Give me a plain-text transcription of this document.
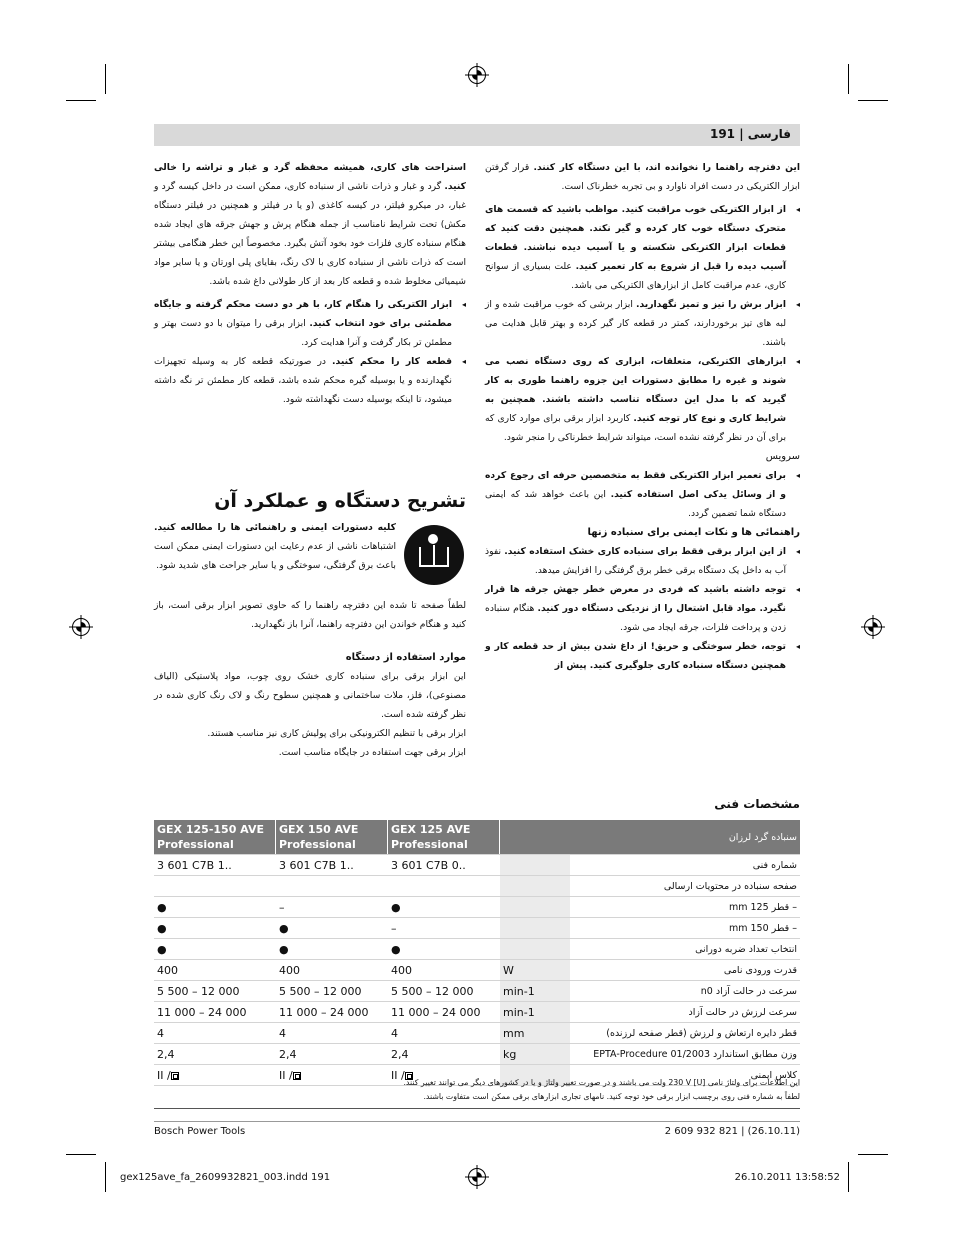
فارسی | 191

این دفترچه راهنما را نخوانده اند، با این دستگاه کار کنند. قرار گرفتن ابزار الکتریکی در دست افراد ناوارد و بی تجربه خطرناک است.

◂ از ابزار الکتریکی خوب مراقبت کنید. مواظب باشید که قسمت های متحرک دستگاه خوب کار کرده و گیر نکند. همچنین دقت کنید که قطعات ابزار الکتریکی شکسته و یا آسیب دیده نباشند. قطعات آسیب دیده را قبل از شروع به کار تعمیر کنید. علت بسیاری از سوانح کاری، عدم مراقبت کامل از ابزارهای الکتریکی می باشد.

◂ ابزار برش را تیز و تمیز نگهدارید. ابزار برشی که خوب مراقبت شده و از لبه های تیز برخوردارند، کمتر در قطعه کار گیر کرده و بهتر قابل هدایت می باشند.

◂ ابزارهای الکتریکی، متعلقات، ابزاری که روی دستگاه نصب می شوند و غیره را مطابق دستورات این جزوه راهنما طوری به کار گیرید که با مدل این دستگاه تناسب داشته باشند. همچنین به شرایط کاری و نوع کار توجه کنید. کاربرد ابزار برقی برای موارد کاری که برای آن در نظر گرفته نشده است، میتواند شرایط خطرناکی را منجر شود.

سرویس

◂ برای تعمیر ابزار الکتریکی فقط به متخصصین حرفه ای رجوع کرده و از وسائل یدکی اصل استفاده کنید. این باعث خواهد شد که ایمنی دستگاه شما تضمین گردد.

راهنمائی ها و نکات ایمنی برای سنباده زنها

◂ از این ابزار برقی فقط برای سنباده کاری خشک استفاده کنید. نفوذ آب به داخل یک دستگاه برقی خطر برق گرفتگی را افزایش میدهد.

◂ توجه داشته باشید که فردی در معرض خطر جهش جرقه ها قرار نگیرد. مواد قابل اشتعال را از نزدیکی دستگاه دور کنید. هنگام سنباده زدن و پرداخت فلزات، جرقه ایجاد می شود.

◂ توجه، خطر سوختگی و حریق! از داغ شدن بیش از حد قطعه کار و همچنین دستگاه سنباده کاری جلوگیری کنید. پیش از

استراحت های کاری، همیشه محفظه گرد و غبار و تراشه را خالی کنید. گرد و غبار و ذرات ناشی از سنباده کاری، ممکن است در داخل کیسه گرد و غبار، در میکرو فیلتر، در کیسه کاغذی (و یا در فیلتر و همچنین در فیلتر دستگاه مکش) تحت شرایط نامناسب از جمله هنگام پرش و جهش جرقه های ایجاد شده هنگام سنباده کاری فلزات خود بخود آتش بگیرد. مخصوصاً این خطر هنگامی بیشتر است که ذرات ناشی از سنباده کاری با لاک رنگ، بقایای پلی اورتان و یا سایر مواد شیمیائی مخلوط شده و قطعه کار بعد از کار طولانی داغ شده باشد.

◂ ابزار الکتریکی را هنگام کار، با هر دو دست محکم گرفته و جایگاه مطمئنی برای خود انتخاب کنید. ابزار برقی را میتوان با دو دست بهتر و مطمئن تر بکار گرفت و آنرا هدایت کرد.

◂ قطعه کار را محکم کنید. در صورتیکه قطعه کار به وسیله تجهیزات نگهدارنده و یا بوسیله گیره محکم شده باشد، قطعه کار مطمئن تر نگه داشته میشود، تا اینکه بوسیله دست نگهداشته شود.

تشریح دستگاه و عملکرد آن

کلیه دستورات ایمنی و راهنمائی ها را مطالعه کنید. اشتباهات ناشی از عدم رعایت این دستورات ایمنی ممکن است باعث برق گرفتگی، سوختگی و یا سایر جراحت های شدید شود.

لطفاً صفحه تا شده این دفترچه راهنما را که حاوی تصویر ابزار برقی است، باز کنید و هنگام خواندن این دفترچه راهنما، آنرا باز نگهدارید.

موارد استفاده از دستگاه

این ابزار برقی برای سنباده کاری خشک روی چوب، مواد پلاستیکی (الیاف مصنوعی)، فلز، ملات ساختمانی و همچنین سطوح رنگ و لاک رنگ کاری شده در نظر گرفته شده است.

ابزار برقی با تنظیم الکترونیکی برای پولیش کاری نیز مناسب هستند.

ابزار برقی جهت استفاده در جایگاه مناسب است.

مشخصات فنی
GEX 125-150 AVE
Professional	GEX 150 AVE
Professional	GEX 125 AVE
Professional		سنباده گرد لرزان
3 601 C7B 1..	3 601 C7B 1..	3 601 C7B 0..		شماره فنی
				صفحه سنباده در محتویات ارسالی
●	–	●		– قطر 125 mm
●	●	–		– قطر 150 mm
●	●	●		انتخاب تعداد ضربه دورانی
400	400	400	W	قدرت ورودی نامی
5 500 – 12 000	5 500 – 12 000	5 500 – 12 000	min-1	سرعت در حالت آزاد n0
11 000 – 24 000	11 000 – 24 000	11 000 – 24 000	min-1	سرعت لرزش در حالت آزاد
4	4	4	mm	قطر دایره ارتعاش و لرزش (قطر صفحه لرزنده)
2,4	2,4	2,4	kg	وزن مطابق استاندارد EPTA-Procedure 01/2003
II /	II /	II /		کلاس ایمنی
این اطلاعات برای ولتاژ نامی [U] 230 V ولت می باشند و در صورت تغییر ولتاژ و یا در کشورهای دیگر می توانند تغییر کنند.
لطفاً به شماره فنی روی برچسب ابزار برقی خود توجه کنید. نامهای تجاری ابزارهای برقی ممکن است متفاوت باشند.
Bosch Power Tools	2 609 932 821 | (26.10.11)
gex125ave_fa_2609932821_003.indd 191	26.10.2011 13:58:52
